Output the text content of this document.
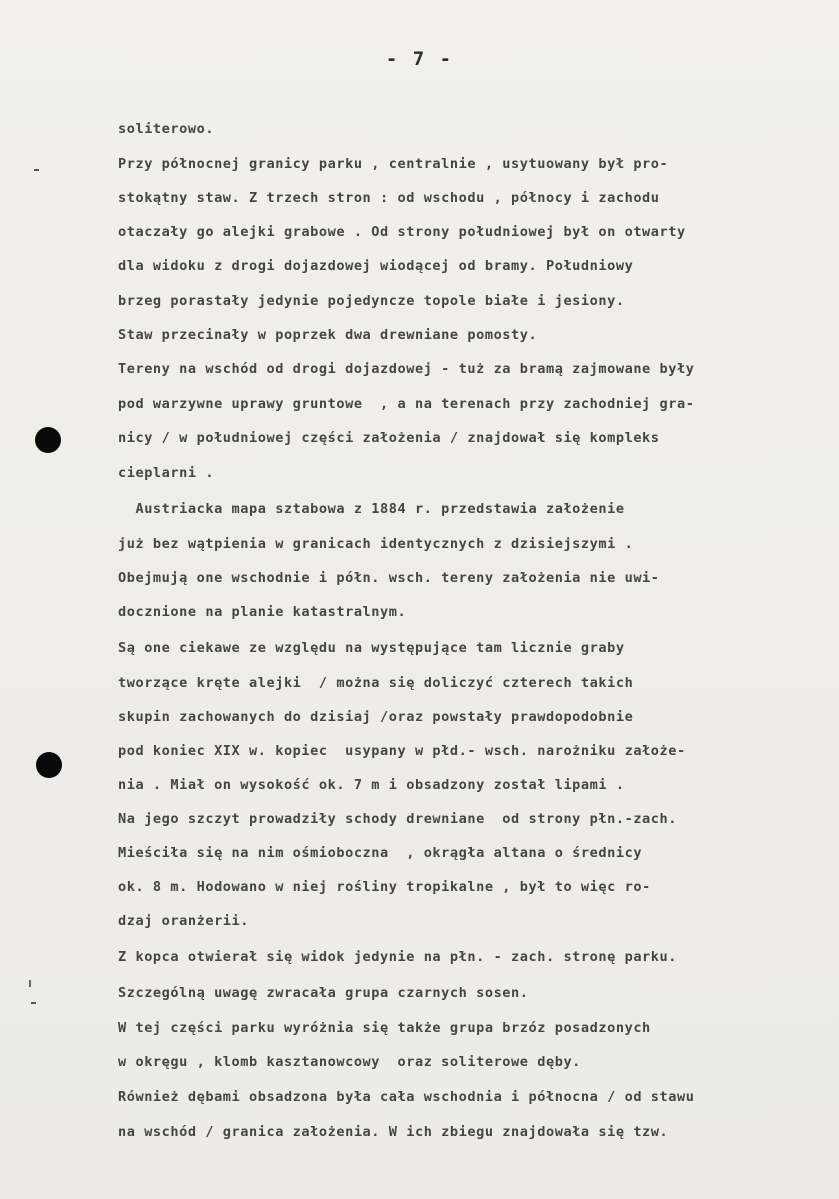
- 7 -
soliterowo.
Przy północnej granicy parku , centralnie , usytuowany był pro-
stokątny staw. Z trzech stron : od wschodu , północy i zachodu
otaczały go alejki grabowe . Od strony południowej był on otwarty
dla widoku z drogi dojazdowej wiodącej od bramy. Południowy
brzeg porastały jedynie pojedyncze topole białe i jesiony.
Staw przecinały w poprzek dwa drewniane pomosty.
Tereny na wschód od drogi dojazdowej - tuż za bramą zajmowane były
pod warzywne uprawy gruntowe  , a na terenach przy zachodniej gra-
nicy / w południowej części założenia / znajdował się kompleks
cieplarni .
Austriacka mapa sztabowa z 1884 r. przedstawia założenie
już bez wątpienia w granicach identycznych z dzisiejszymi .
Obejmują one wschodnie i półn. wsch. tereny założenia nie uwi-
docznione na planie katastralnym.
Są one ciekawe ze względu na występujące tam licznie graby
tworzące kręte alejki  / można się doliczyć czterech takich
skupin zachowanych do dzisiaj /oraz powstały prawdopodobnie
pod koniec XIX w. kopiec  usypany w płd.- wsch. narożniku założe-
nia . Miał on wysokość ok. 7 m i obsadzony został lipami .
Na jego szczyt prowadziły schody drewniane  od strony płn.-zach.
Mieściła się na nim ośmioboczna  , okrągła altana o średnicy
ok. 8 m. Hodowano w niej rośliny tropikalne , był to więc ro-
dzaj oranżerii.
Z kopca otwierał się widok jedynie na płn. - zach. stronę parku.
Szczególną uwagę zwracała grupa czarnych sosen.
W tej części parku wyróżnia się także grupa brzóz posadzonych
w okręgu , klomb kasztanowcowy  oraz soliterowe dęby.
Również dębami obsadzona była cała wschodnia i północna / od stawu
na wschód / granica założenia. W ich zbiegu znajdowała się tzw.
